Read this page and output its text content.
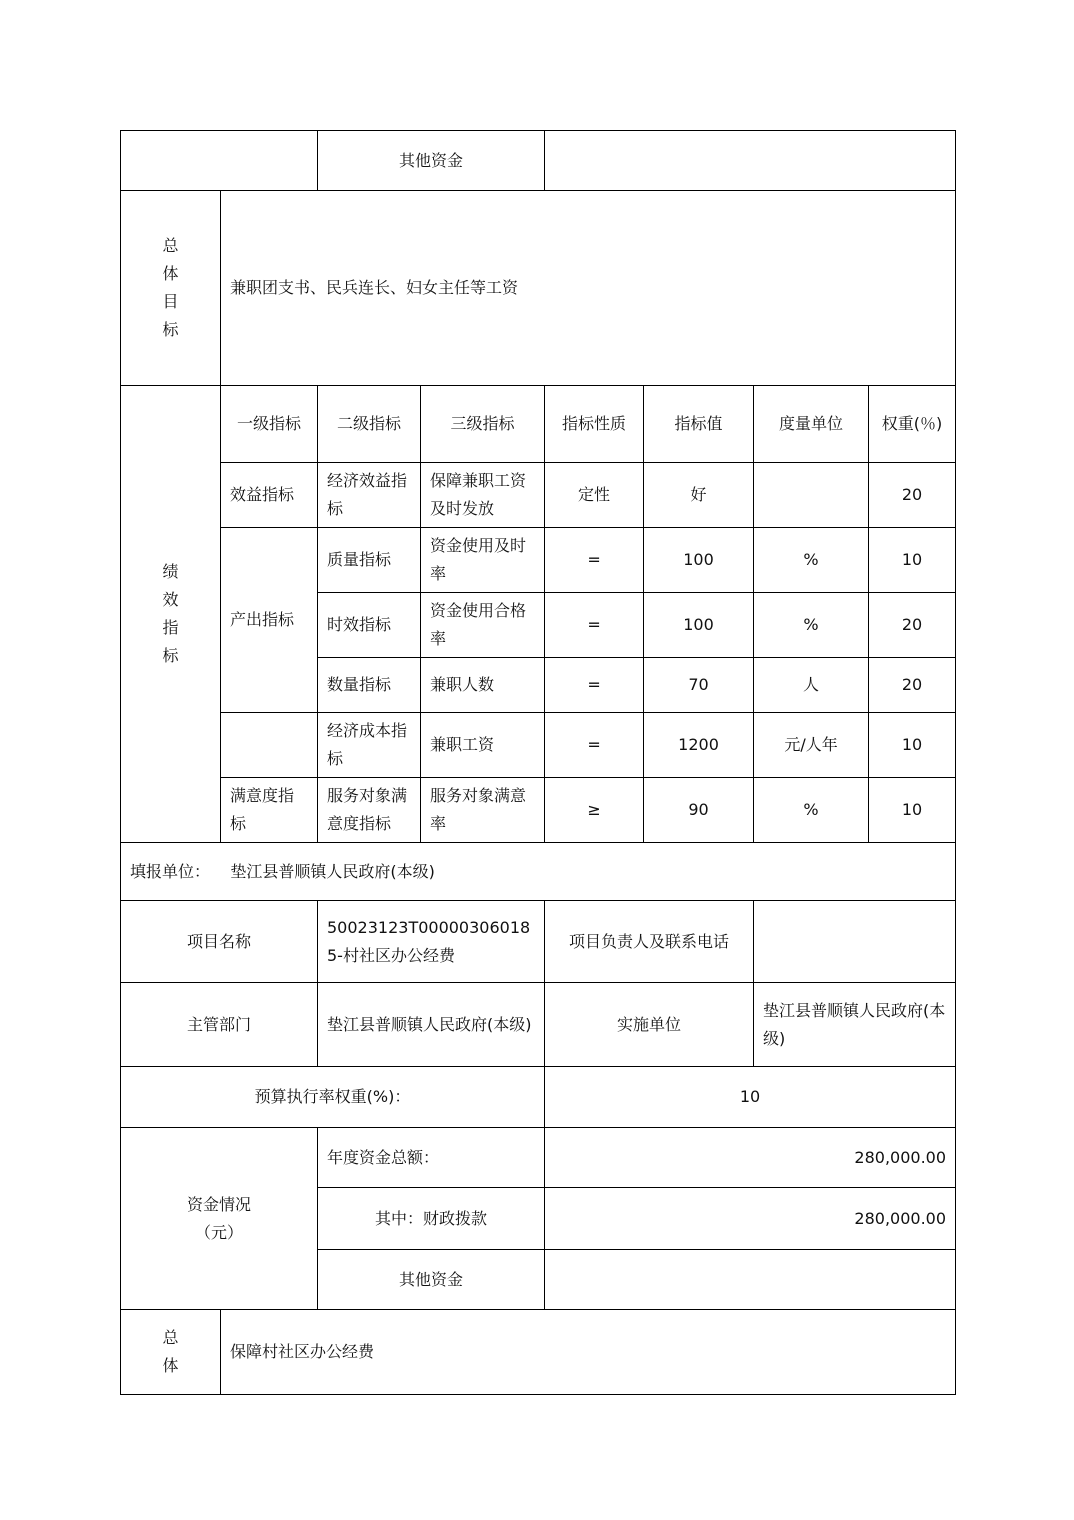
		其他资金					

总
体
目
标	兼职团支书、民兵连长、妇女主任等工资						

绩
效
指
标	一级指标	二级指标	三级指标	指标性质	指标值	度量单位	权重(％)
	效益指标	经济效益指标	保障兼职工资及时发放	定性	好		20
	产出指标	质量指标	资金使用及时率	=	100	%	10
		时效指标	资金使用合格率	=	100	%	20
		数量指标	兼职人数	=	70	人	20
		经济成本指标	兼职工资	=	1200	元/人年	10
	满意度指标	服务对象满意度指标	服务对象满意率	≥	90	%	10
填报单位： 垫江县普顺镇人民政府(本级)							
项目名称		50023123T000003060185-村社区办公经费		项目负责人及联系电话			
主管部门		垫江县普顺镇人民政府(本级)		实施单位		垫江县普顺镇人民政府(本级)	
预算执行率权重(%)：				10			
资金情况（元）		年度资金总额：		280,000.00			
		其中：财政拨款		280,000.00			
		其他资金					

总
体	保障村社区办公经费						
